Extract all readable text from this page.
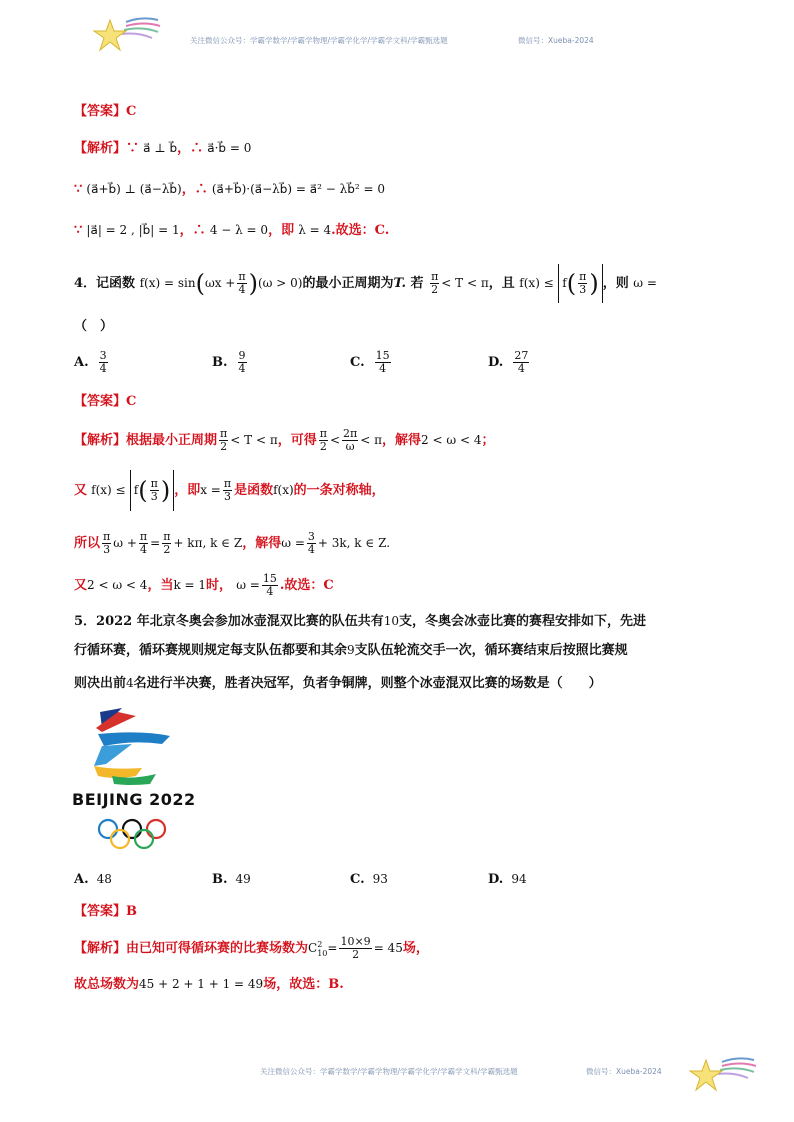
关注微信公众号：学霸学数学/学霸学物理/学霸学化学/学霸学文科/学霸甄选题	微信号：Xueba-2024
【答案】C
【解析】∵ a⃗ ⊥ b⃗，∴ a⃗·b⃗ = 0
∵ (a⃗+b⃗) ⊥ (a⃗−λb⃗)，∴ (a⃗+b⃗)·(a⃗−λb⃗) = a⃗² − λb⃗² = 0
∵ |a⃗| = 2 , |b⃗| = 1，∴ 4 − λ = 0，即 λ = 4.故选：C.
4．记函数 $f(x) = \sin(\omega x + \frac{\pi}{4} )(\omega > 0)$的最小正周期为T. 若 $\frac{\pi}{2} < T < \pi$，且 $f(x) \le f( \frac{\pi}{3}$ ) ，则 ω =
（　）
A. $\frac{3}{4}$	B. $\frac{9}{4}$	C. $\frac{15}{4}$	D. $\frac{27}{4}$
【答案】C
【解析】根据最小正周期 $\frac{\pi}{2} < T < \pi$，可得 $\frac{\pi}{2} < \frac{2\pi}{\omega} < \pi$，解得2 < ω < 4；
又 $f(x) \le f( \frac{\pi}{3}$ ) ，即$x = \frac{\pi}{3}$ 是函数f(x)的一条对称轴，
所以 $\frac{\pi}{3}$ $\omega + \frac{\pi}{4} = \frac{\pi}{2} + k\pi$, k ∈ Z，解得$\omega = \frac{3}{4} + 3k$, k ∈ Z.
又2 < ω < 4，当k = 1时， $\omega = \frac{15}{4}$ .故选：C
5．2022 年北京冬奥会参加冰壶混双比赛的队伍共有10支，冬奥会冰壶比赛的赛程安排如下，先进
行循环赛，循环赛规则规定每支队伍都要和其余9支队伍轮流交手一次，循环赛结束后按照比赛规
则决出前4名进行半决赛，胜者决冠军，负者争铜牌，则整个冰壶混双比赛的场数是（　　）
BEIJING 2022
A. 48	B. 49	C. 93	D. 94
【答案】B
【解析】由已知可得循环赛的比赛场数为C 2
$10 = \frac{10\times 9}{2} = 45$场，
故总场数为45 + 2 + 1 + 1 = 49场，故选：B.
关注微信公众号：学霸学数学/学霸学物理/学霸学化学/学霸学文科/学霸甄选题	微信号：Xueba-2024
